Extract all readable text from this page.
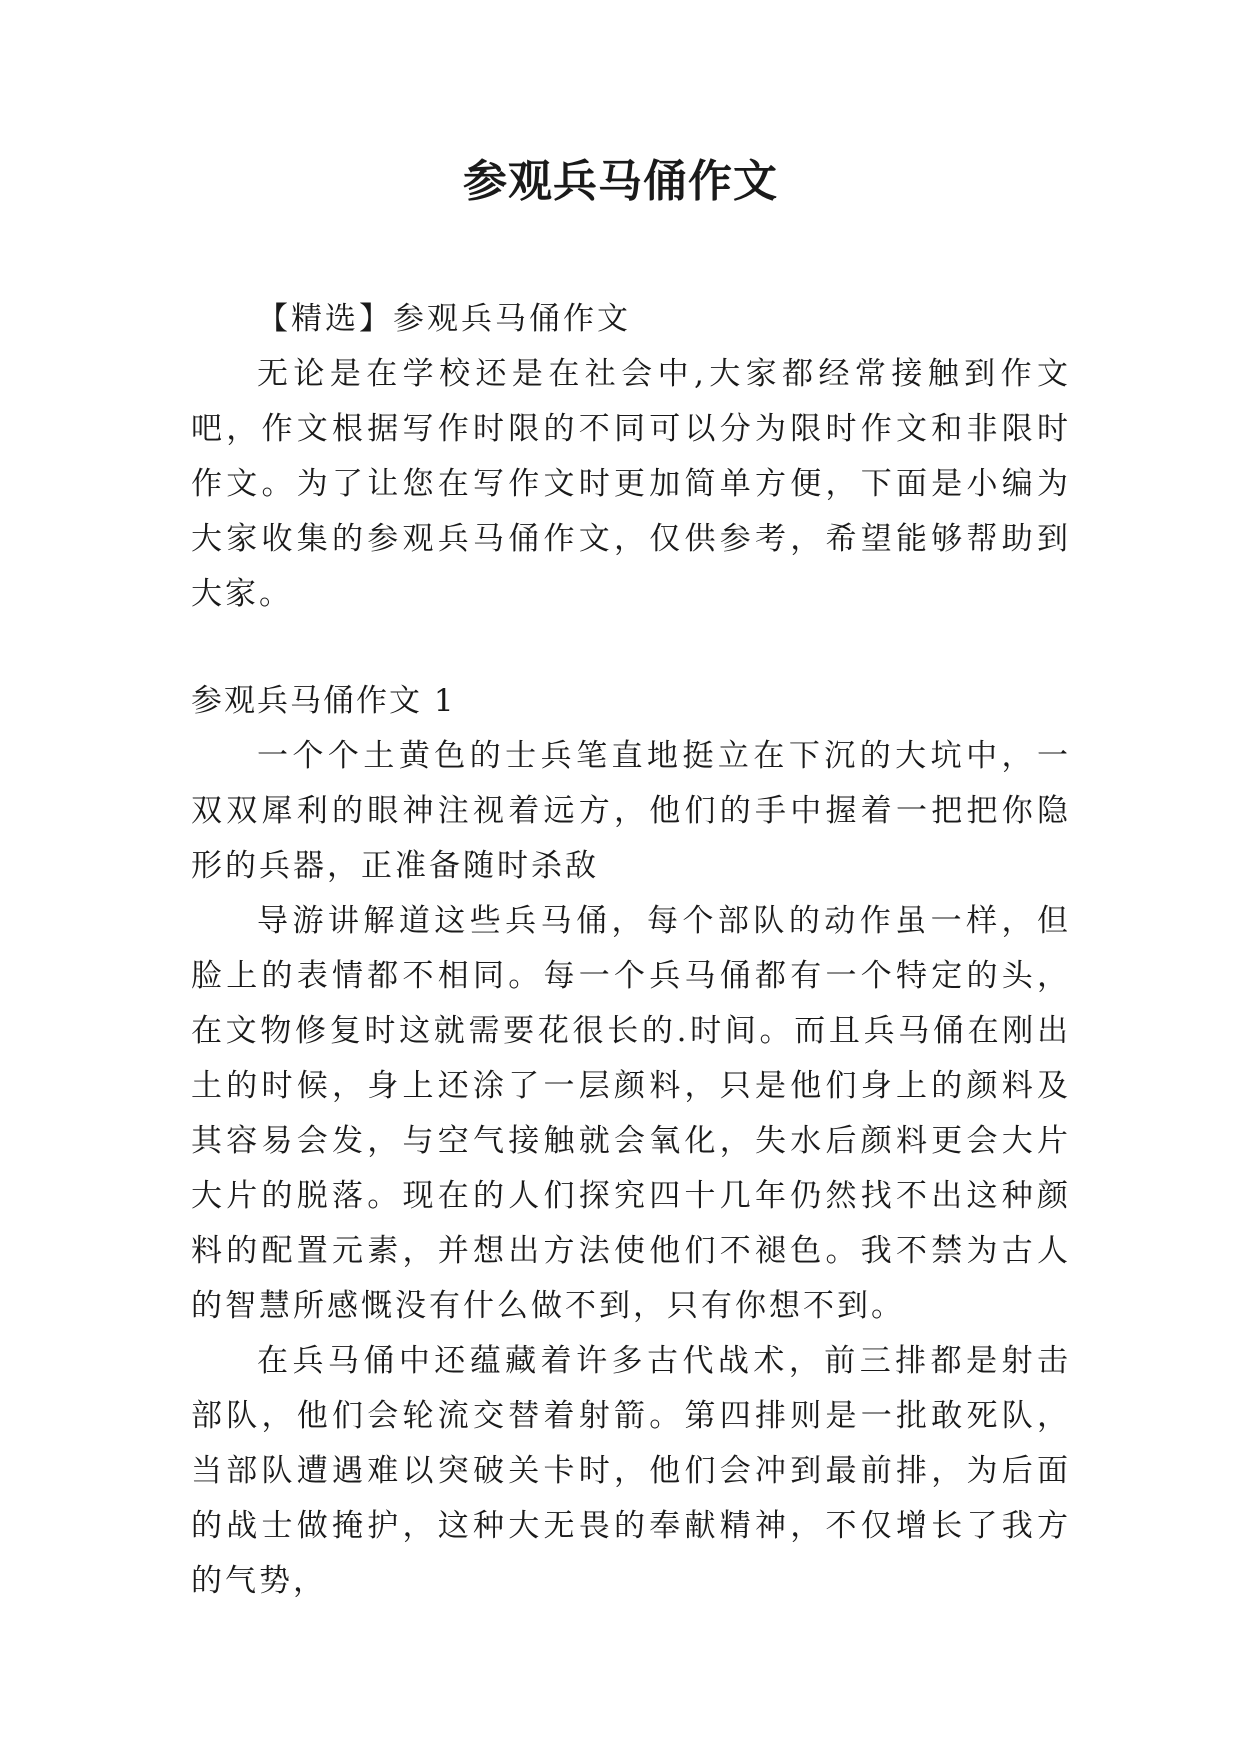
参观兵马俑作文

【精选】参观兵马俑作文

无论是在学校还是在社会中,大家都经常接触到作文吧，作文根据写作时限的不同可以分为限时作文和非限时作文。为了让您在写作文时更加简单方便，下面是小编为大家收集的参观兵马俑作文，仅供参考，希望能够帮助到大家。

参观兵马俑作文 1

一个个土黄色的士兵笔直地挺立在下沉的大坑中，一双双犀利的眼神注视着远方，他们的手中握着一把把你隐形的兵器，正准备随时杀敌

导游讲解道这些兵马俑，每个部队的动作虽一样，但脸上的表情都不相同。每一个兵马俑都有一个特定的头，在文物修复时这就需要花很长的.时间。而且兵马俑在刚出土的时候，身上还涂了一层颜料，只是他们身上的颜料及其容易会发，与空气接触就会氧化，失水后颜料更会大片大片的脱落。现在的人们探究四十几年仍然找不出这种颜料的配置元素，并想出方法使他们不褪色。我不禁为古人的智慧所感慨没有什么做不到，只有你想不到。

在兵马俑中还蕴藏着许多古代战术，前三排都是射击部队，他们会轮流交替着射箭。第四排则是一批敢死队，当部队遭遇难以突破关卡时，他们会冲到最前排，为后面的战士做掩护，这种大无畏的奉献精神，不仅增长了我方的气势，
